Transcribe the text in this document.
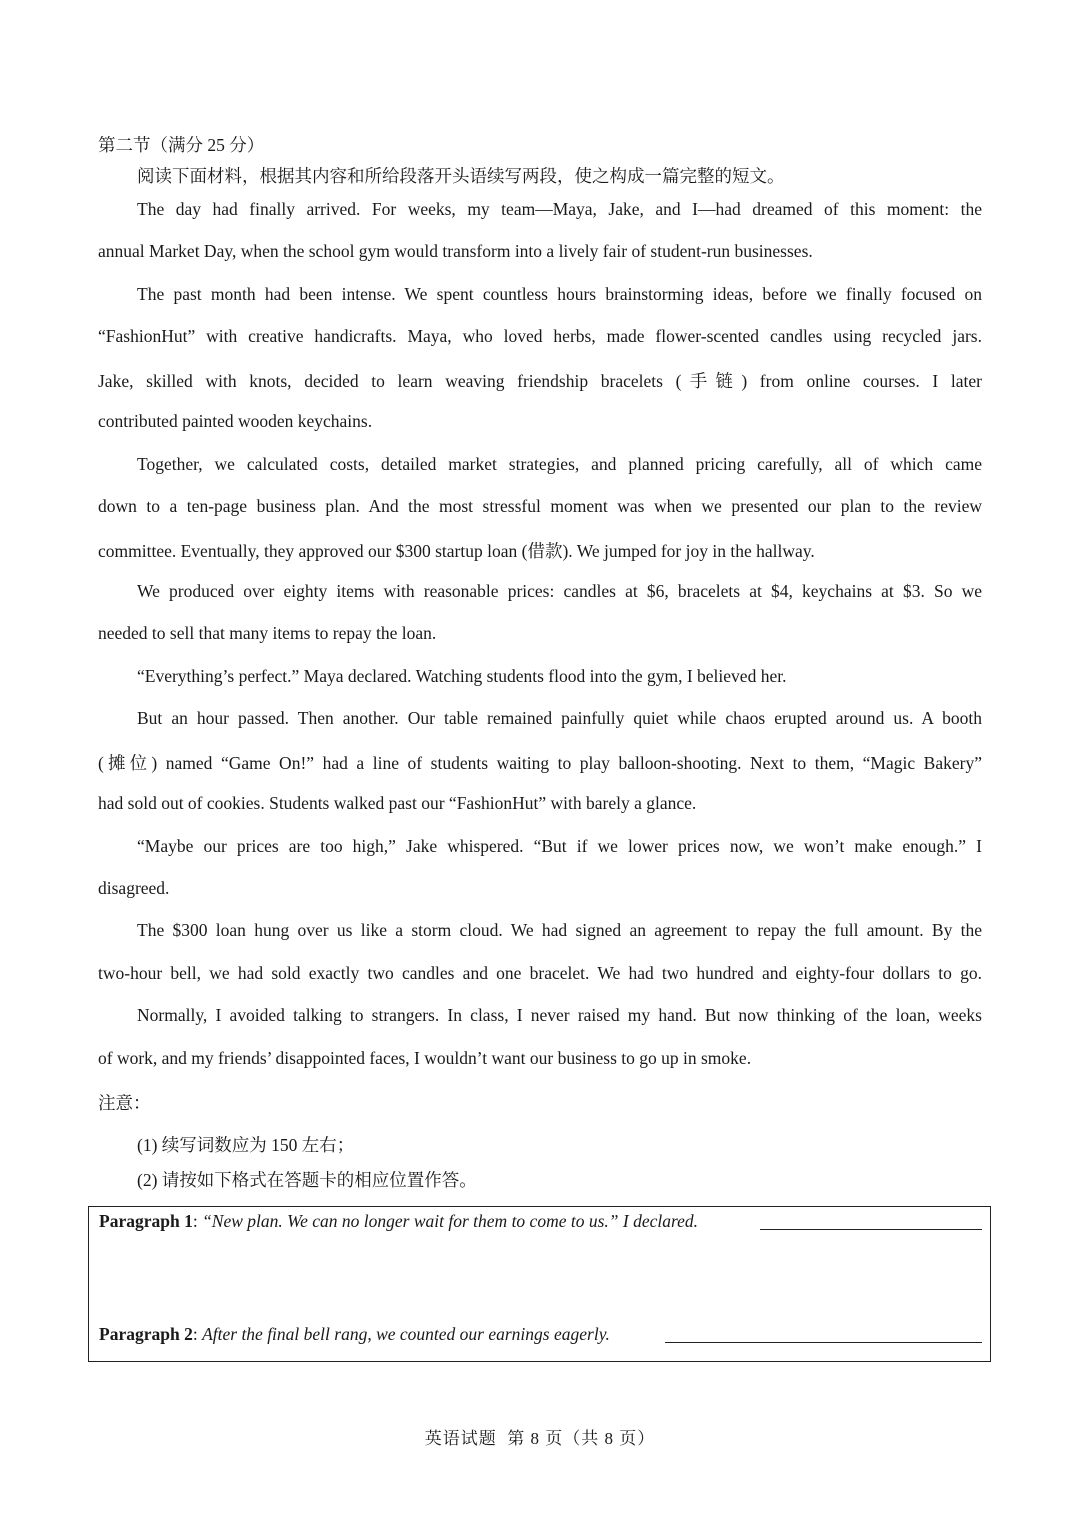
第二节（满分 25 分）
阅读下面材料，根据其内容和所给段落开头语续写两段，使之构成一篇完整的短文。
The day had finally arrived. For weeks, my team—Maya, Jake, and I—had dreamed of this moment: the
annual Market Day, when the school gym would transform into a lively fair of student-run businesses.
The past month had been intense. We spent countless hours brainstorming ideas, before we finally focused on
“FashionHut” with creative handicrafts. Maya, who loved herbs, made flower-scented candles using recycled jars.
Jake, skilled with knots, decided to learn weaving friendship bracelets (手链) from online courses. I later
contributed painted wooden keychains.
Together, we calculated costs, detailed market strategies, and planned pricing carefully, all of which came
down to a ten-page business plan. And the most stressful moment was when we presented our plan to the review
committee. Eventually, they approved our $300 startup loan (借款). We jumped for joy in the hallway.
We produced over eighty items with reasonable prices: candles at $6, bracelets at $4, keychains at $3. So we
needed to sell that many items to repay the loan.
“Everything’s perfect.” Maya declared. Watching students flood into the gym, I believed her.
But an hour passed. Then another. Our table remained painfully quiet while chaos erupted around us. A booth
(摊位) named “Game On!” had a line of students waiting to play balloon-shooting. Next to them, “Magic Bakery”
had sold out of cookies. Students walked past our “FashionHut” with barely a glance.
“Maybe our prices are too high,” Jake whispered. “But if we lower prices now, we won’t make enough.” I
disagreed.
The $300 loan hung over us like a storm cloud. We had signed an agreement to repay the full amount. By the
two-hour bell, we had sold exactly two candles and one bracelet. We had two hundred and eighty-four dollars to go.
Normally, I avoided talking to strangers. In class, I never raised my hand. But now thinking of the loan, weeks
of work, and my friends’ disappointed faces, I wouldn’t want our business to go up in smoke.
注意：
(1) 续写词数应为 150 左右；
(2) 请按如下格式在答题卡的相应位置作答。
Paragraph 1: “New plan. We can no longer wait for them to come to us.” I declared.
Paragraph 2: After the final bell rang, we counted our earnings eagerly.
英语试题  第 8 页（共 8 页）
